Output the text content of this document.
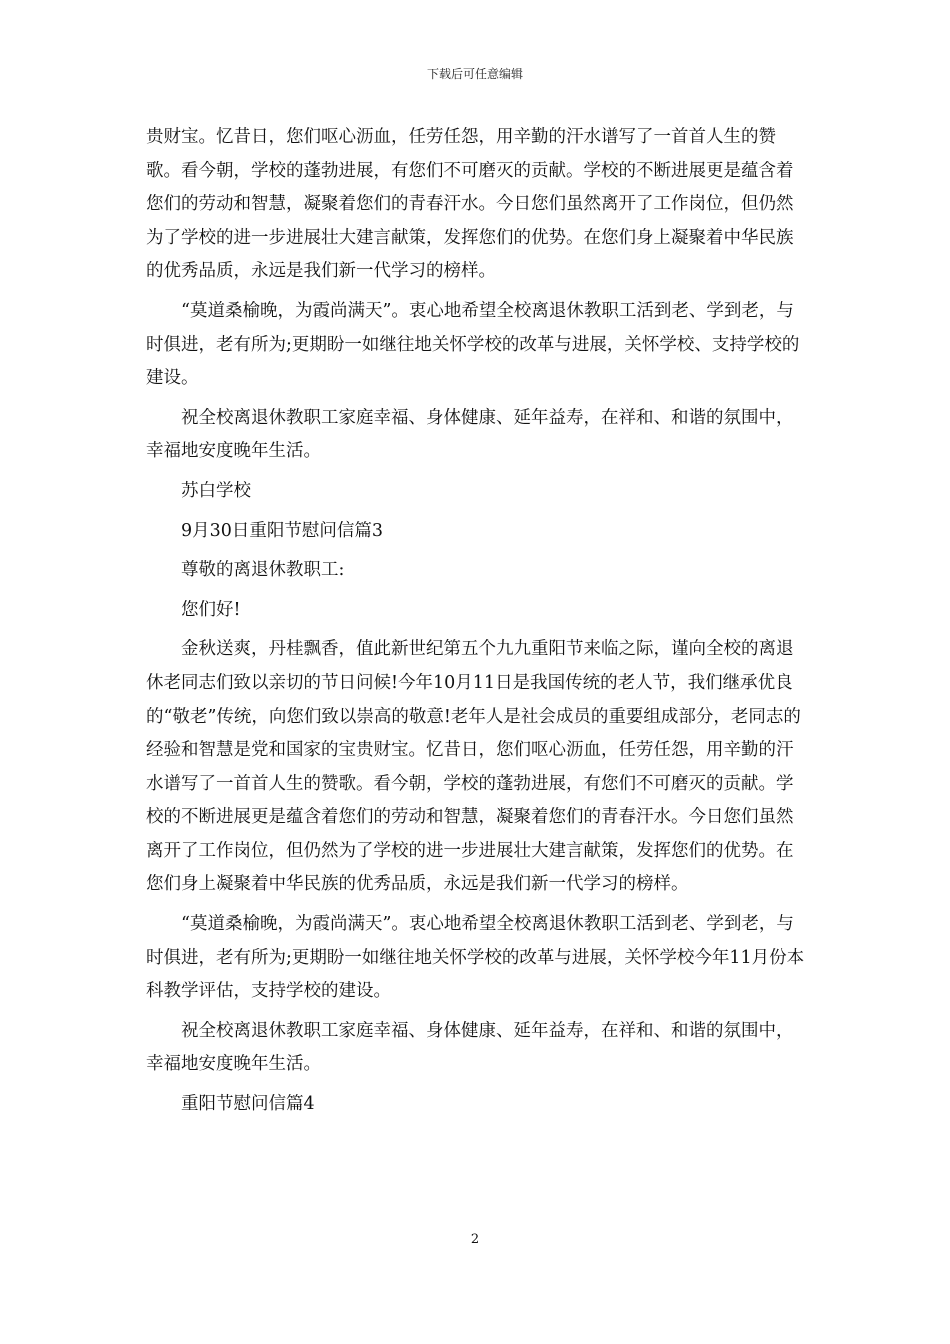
下载后可任意编辑

贵财宝。忆昔日，您们呕心沥血，任劳任怨，用辛勤的汗水谱写了一首首人生的赞歌。看今朝，学校的蓬勃进展，有您们不可磨灭的贡献。学校的不断进展更是蕴含着您们的劳动和智慧，凝聚着您们的青春汗水。今日您们虽然离开了工作岗位，但仍然为了学校的进一步进展壮大建言献策，发挥您们的优势。在您们身上凝聚着中华民族的优秀品质，永远是我们新一代学习的榜样。

“莫道桑榆晚，为霞尚满天”。衷心地希望全校离退休教职工活到老、学到老，与时俱进，老有所为;更期盼一如继往地关怀学校的改革与进展，关怀学校、支持学校的建设。

祝全校离退休教职工家庭幸福、身体健康、延年益寿，在祥和、和谐的氛围中，幸福地安度晚年生活。

苏白学校

9月30日重阳节慰问信篇3

尊敬的离退休教职工:

您们好!

金秋送爽，丹桂飘香，值此新世纪第五个九九重阳节来临之际，谨向全校的离退休老同志们致以亲切的节日问候!今年10月11日是我国传统的老人节，我们继承优良的“敬老”传统，向您们致以崇高的敬意!老年人是社会成员的重要组成部分，老同志的经验和智慧是党和国家的宝贵财宝。忆昔日，您们呕心沥血，任劳任怨，用辛勤的汗水谱写了一首首人生的赞歌。看今朝，学校的蓬勃进展，有您们不可磨灭的贡献。学校的不断进展更是蕴含着您们的劳动和智慧，凝聚着您们的青春汗水。今日您们虽然离开了工作岗位，但仍然为了学校的进一步进展壮大建言献策，发挥您们的优势。在您们身上凝聚着中华民族的优秀品质，永远是我们新一代学习的榜样。

“莫道桑榆晚，为霞尚满天”。衷心地希望全校离退休教职工活到老、学到老，与时俱进，老有所为;更期盼一如继往地关怀学校的改革与进展，关怀学校今年11月份本科教学评估，支持学校的建设。

祝全校离退休教职工家庭幸福、身体健康、延年益寿，在祥和、和谐的氛围中，幸福地安度晚年生活。

重阳节慰问信篇4

2
